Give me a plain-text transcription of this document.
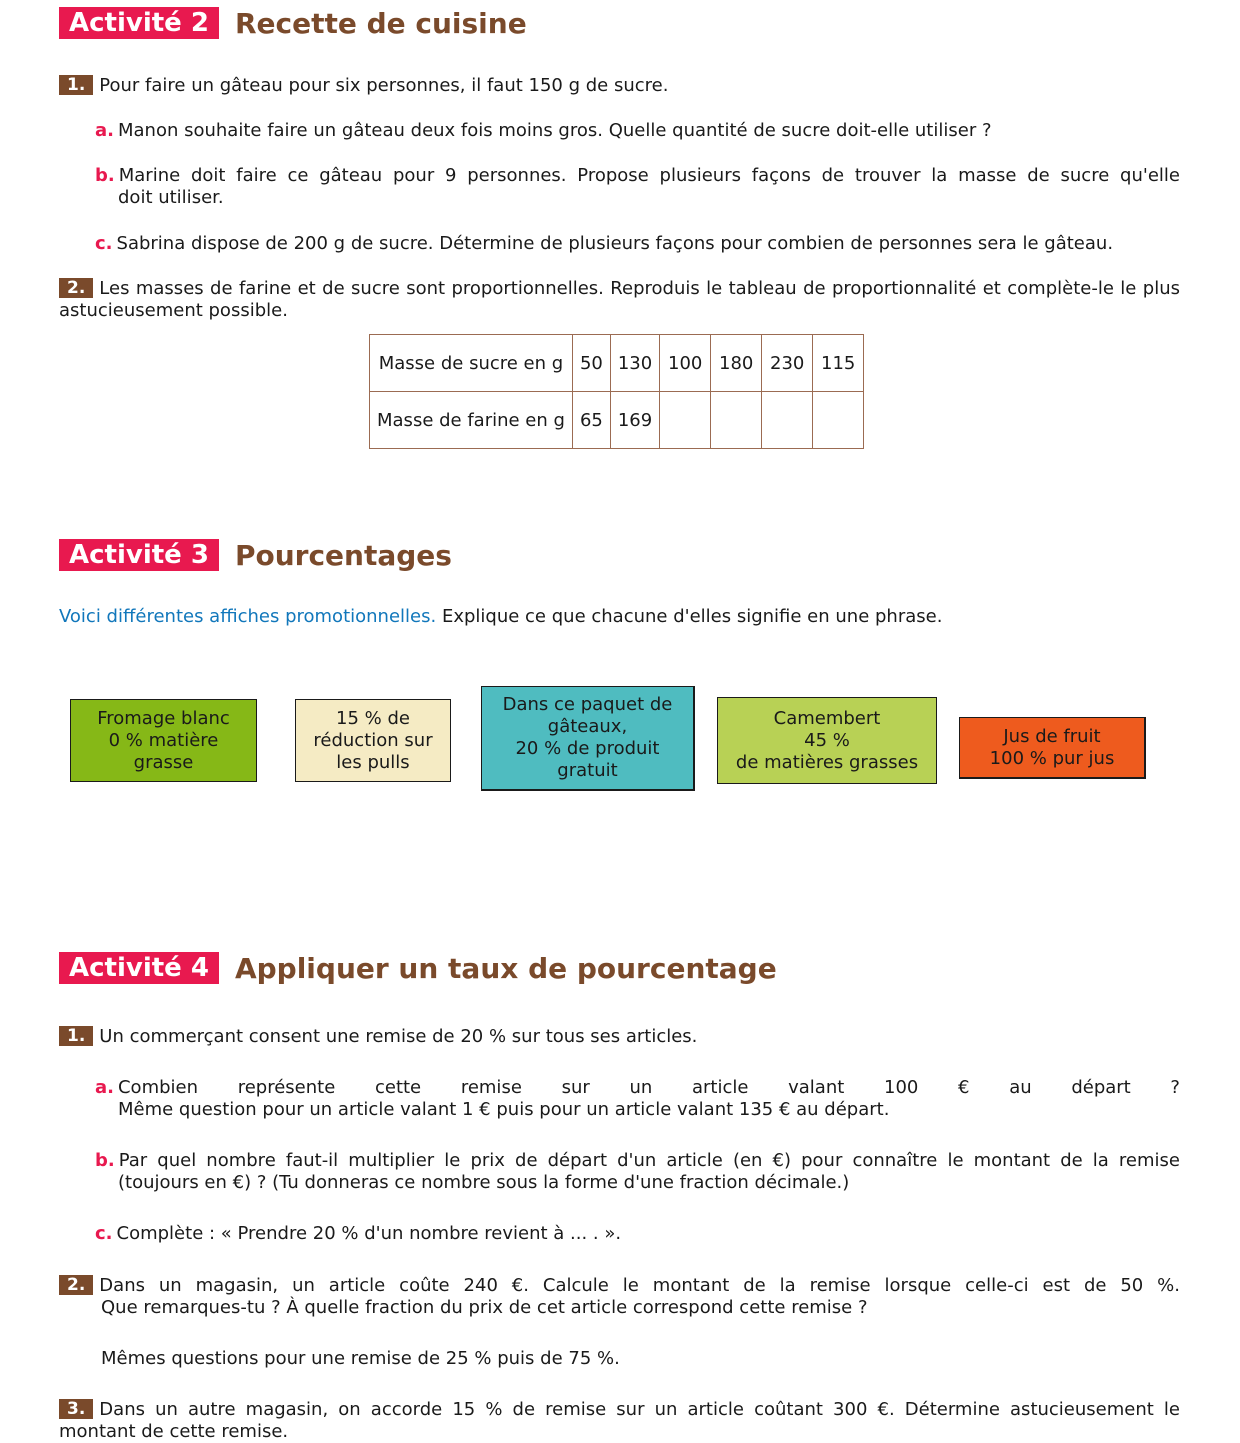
Activité 2 Recette de cuisine
1. Pour faire un gâteau pour six personnes, il faut 150 g de sucre.
a. Manon souhaite faire un gâteau deux fois moins gros. Quelle quantité de sucre doit-elle utiliser ?
b. Marine doit faire ce gâteau pour 9 personnes. Propose plusieurs façons de trouver la masse de sucre qu'elle
doit utiliser.
c. Sabrina dispose de 200 g de sucre. Détermine de plusieurs façons pour combien de personnes sera le gâteau.
2. Les masses de farine et de sucre sont proportionnelles. Reproduis le tableau de proportionnalité et complète-le le plus astucieusement possible.
Masse de sucre en g	50	130	100	180	230	115
Masse de farine en g	65	169				
Activité 3 Pourcentages
Voici différentes affiches promotionnelles. Explique ce que chacune d'elles signifie en une phrase.
Fromage blanc
0 % matière
grasse
15 % de
réduction sur
les pulls
Dans ce paquet de
gâteaux,
20 % de produit
gratuit
Camembert
45 %
de matières grasses
Jus de fruit
100 % pur jus
Activité 4 Appliquer un taux de pourcentage
1. Un commerçant consent une remise de 20 % sur tous ses articles.
a. Combien représente cette remise sur un article valant 100 € au départ ?
Même question pour un article valant 1 € puis pour un article valant 135 € au départ.
b. Par quel nombre faut-il multiplier le prix de départ d'un article (en €) pour connaître le montant de la remise
(toujours en €) ? (Tu donneras ce nombre sous la forme d'une fraction décimale.)
c. Complète : « Prendre 20 % d'un nombre revient à ... . ».
2. Dans un magasin, un article coûte 240 €. Calcule le montant de la remise lorsque celle-ci est de 50 %.
Que remarques-tu ? À quelle fraction du prix de cet article correspond cette remise ?
Mêmes questions pour une remise de 25 % puis de 75 %.
3. Dans un autre magasin, on accorde 15 % de remise sur un article coûtant 300 €. Détermine astucieusement le montant de cette remise.
